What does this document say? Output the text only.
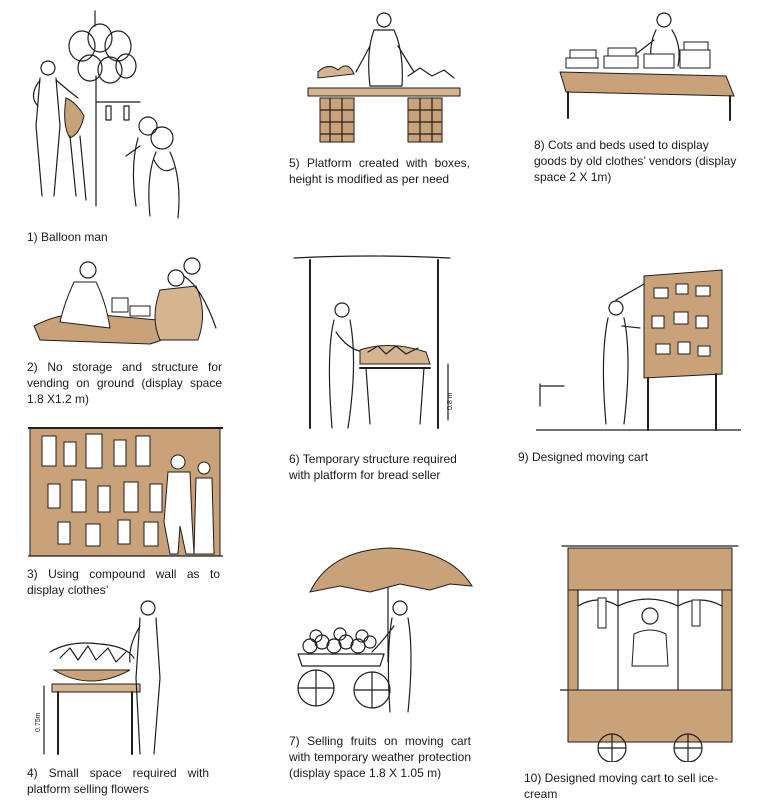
1) Balloon man
2) No storage and structure for vending on ground (display space 1.8 X1.2 m)
3) Using compound wall as to display clothes’
0.75m
4) Small space required with platform selling flowers
5) Platform created with boxes, height is modified as per need
0.8 m
6) Temporary structure required with platform for bread seller
7) Selling fruits on moving cart with temporary weather protection (display space 1.8 X 1.05 m)
8) Cots and beds used to display goods by old clothes’ vendors (display space 2 X 1m)
9) Designed moving cart
10) Designed moving cart to sell ice-cream
